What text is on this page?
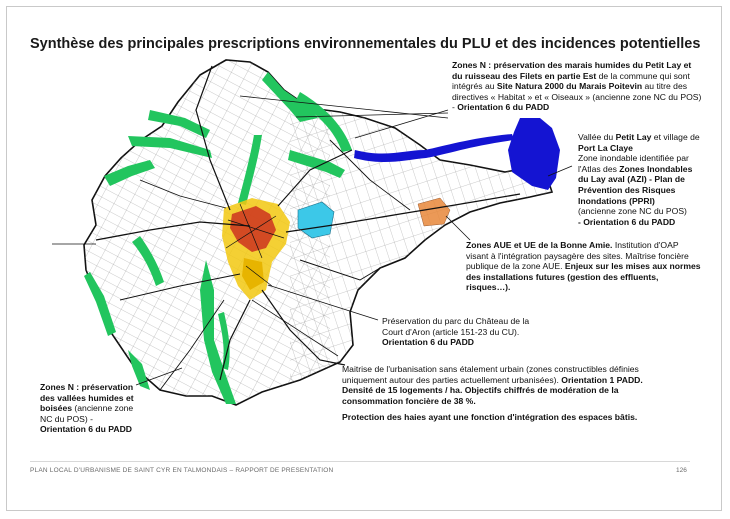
Synthèse des principales prescriptions environnementales du PLU et des incidences potentielles
Zones N : préservation des marais humides du Petit Lay et du ruisseau des Filets en partie Est de la commune qui sont intégrés au Site Natura 2000 du Marais Poitevin au titre des directives « Habitat » et « Oiseaux » (ancienne zone NC du POS) - Orientation 6 du PADD
Vallée du Petit Lay et village de Port La Claye
Zone inondable identifiée par l'Atlas des Zones Inondables du Lay aval (AZI) - Plan de Prévention des Risques Inondations (PPRI)
(ancienne zone NC du POS)
- Orientation 6 du PADD
Zones AUE et UE de la Bonne Amie. Institution d'OAP visant à l'intégration paysagère des sites. Maîtrise foncière publique de la zone AUE. Enjeux sur les mises aux normes des installations futures (gestion des effluents, risques…).
Préservation du parc du Château de la Court d'Aron (article 151-23 du CU).
Orientation 6 du PADD
Maitrise de l'urbanisation sans étalement urbain (zones constructibles définies uniquement autour des parties actuellement urbanisées). Orientation 1 PADD.
Densité de 15 logements / ha. Objectifs chiffrés de modération de la consommation foncière de 38 %.
Protection des haies ayant une fonction d'intégration des espaces bâtis.
Zones N : préservation des vallées humides et boisées (ancienne zone NC du POS) -
Orientation 6 du PADD
PLAN LOCAL D'URBANISME DE SAINT CYR EN TALMONDAIS – RAPPORT DE PRESENTATION	126
